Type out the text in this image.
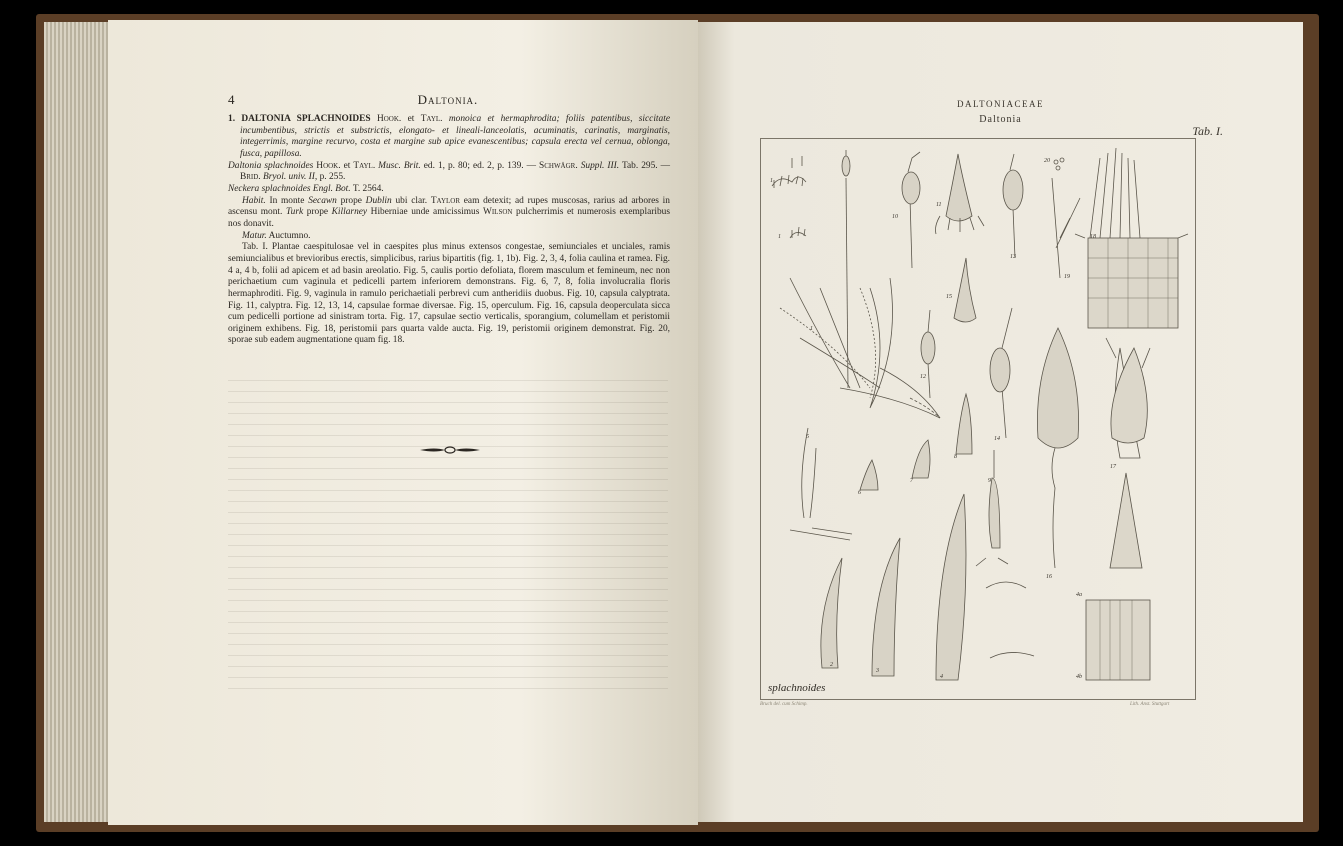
4	Daltonia.

1. DALTONIA SPLACHNOIDES Hook. et Tayl. monoica et hermaphrodita; foliis patentibus, siccitate incumbentibus, strictis et substrictis, elongato- et lineali-lanceolatis, acuminatis, carinatis, marginatis, integerrimis, margine recurvo, costa et margine sub apice evanescentibus; capsula erecta vel cernua, oblonga, fusca, papillosa.

Daltonia splachnoides Hook. et Tayl. Musc. Brit. ed. 1, p. 80; ed. 2, p. 139. — Schwägr. Suppl. III. Tab. 295. — Brid. Bryol. univ. II, p. 255.

Neckera splachnoides Engl. Bot. T. 2564.

Habit. In monte Secawn prope Dublin ubi clar. Taylor eam detexit; ad rupes muscosas, rarius ad arbores in ascensu mont. Turk prope Killarney Hiberniae unde amicissimus Wilson pulcherrimis et numerosis exemplaribus nos donavit.

Matur. Auctumno.

Tab. I. Plantae caespitulosae vel in caespites plus minus extensos congestae, semiunciales et unciales, ramis semiuncialibus et brevioribus erectis, simplicibus, rarius bipartitis (fig. 1, 1b). Fig. 2, 3, 4, folia caulina et ramea. Fig. 4 a, 4 b, folii ad apicem et ad basin areolatio. Fig. 5, caulis portio defoliata, florem masculum et femineum, nec non perichaetium cum vaginula et pedicelli partem inferiorem demonstrans. Fig. 6, 7, 8, folia involucralia floris hermaphroditi. Fig. 9, vaginula in ramulo perichaetiali perbrevi cum antheridiis duobus. Fig. 10, capsula calyptrata. Fig. 11, calyptra. Fig. 12, 13, 14, capsulae formae diversae. Fig. 15, operculum. Fig. 16, capsula deoperculata sicca cum pedicelli portione ad sinistram torta. Fig. 17, capsulae sectio verticalis, sporangium, columellam et peristomii originem exhibens. Fig. 18, peristomii pars quarta valde aucta. Fig. 19, peristomii originem demonstrat. Fig. 20, sporae sub eadem augmentatione quam fig. 18.

DALTONIACEAE
Daltonia
Tab. I.
1
1
1
2
3
4
4a
4b
5
6
7
8
9
10
11
12
13
14
15
16
17
18
19
20
splachnoides
Bruch del. cum Schimp.	Lith. Anst. Stuttgart
